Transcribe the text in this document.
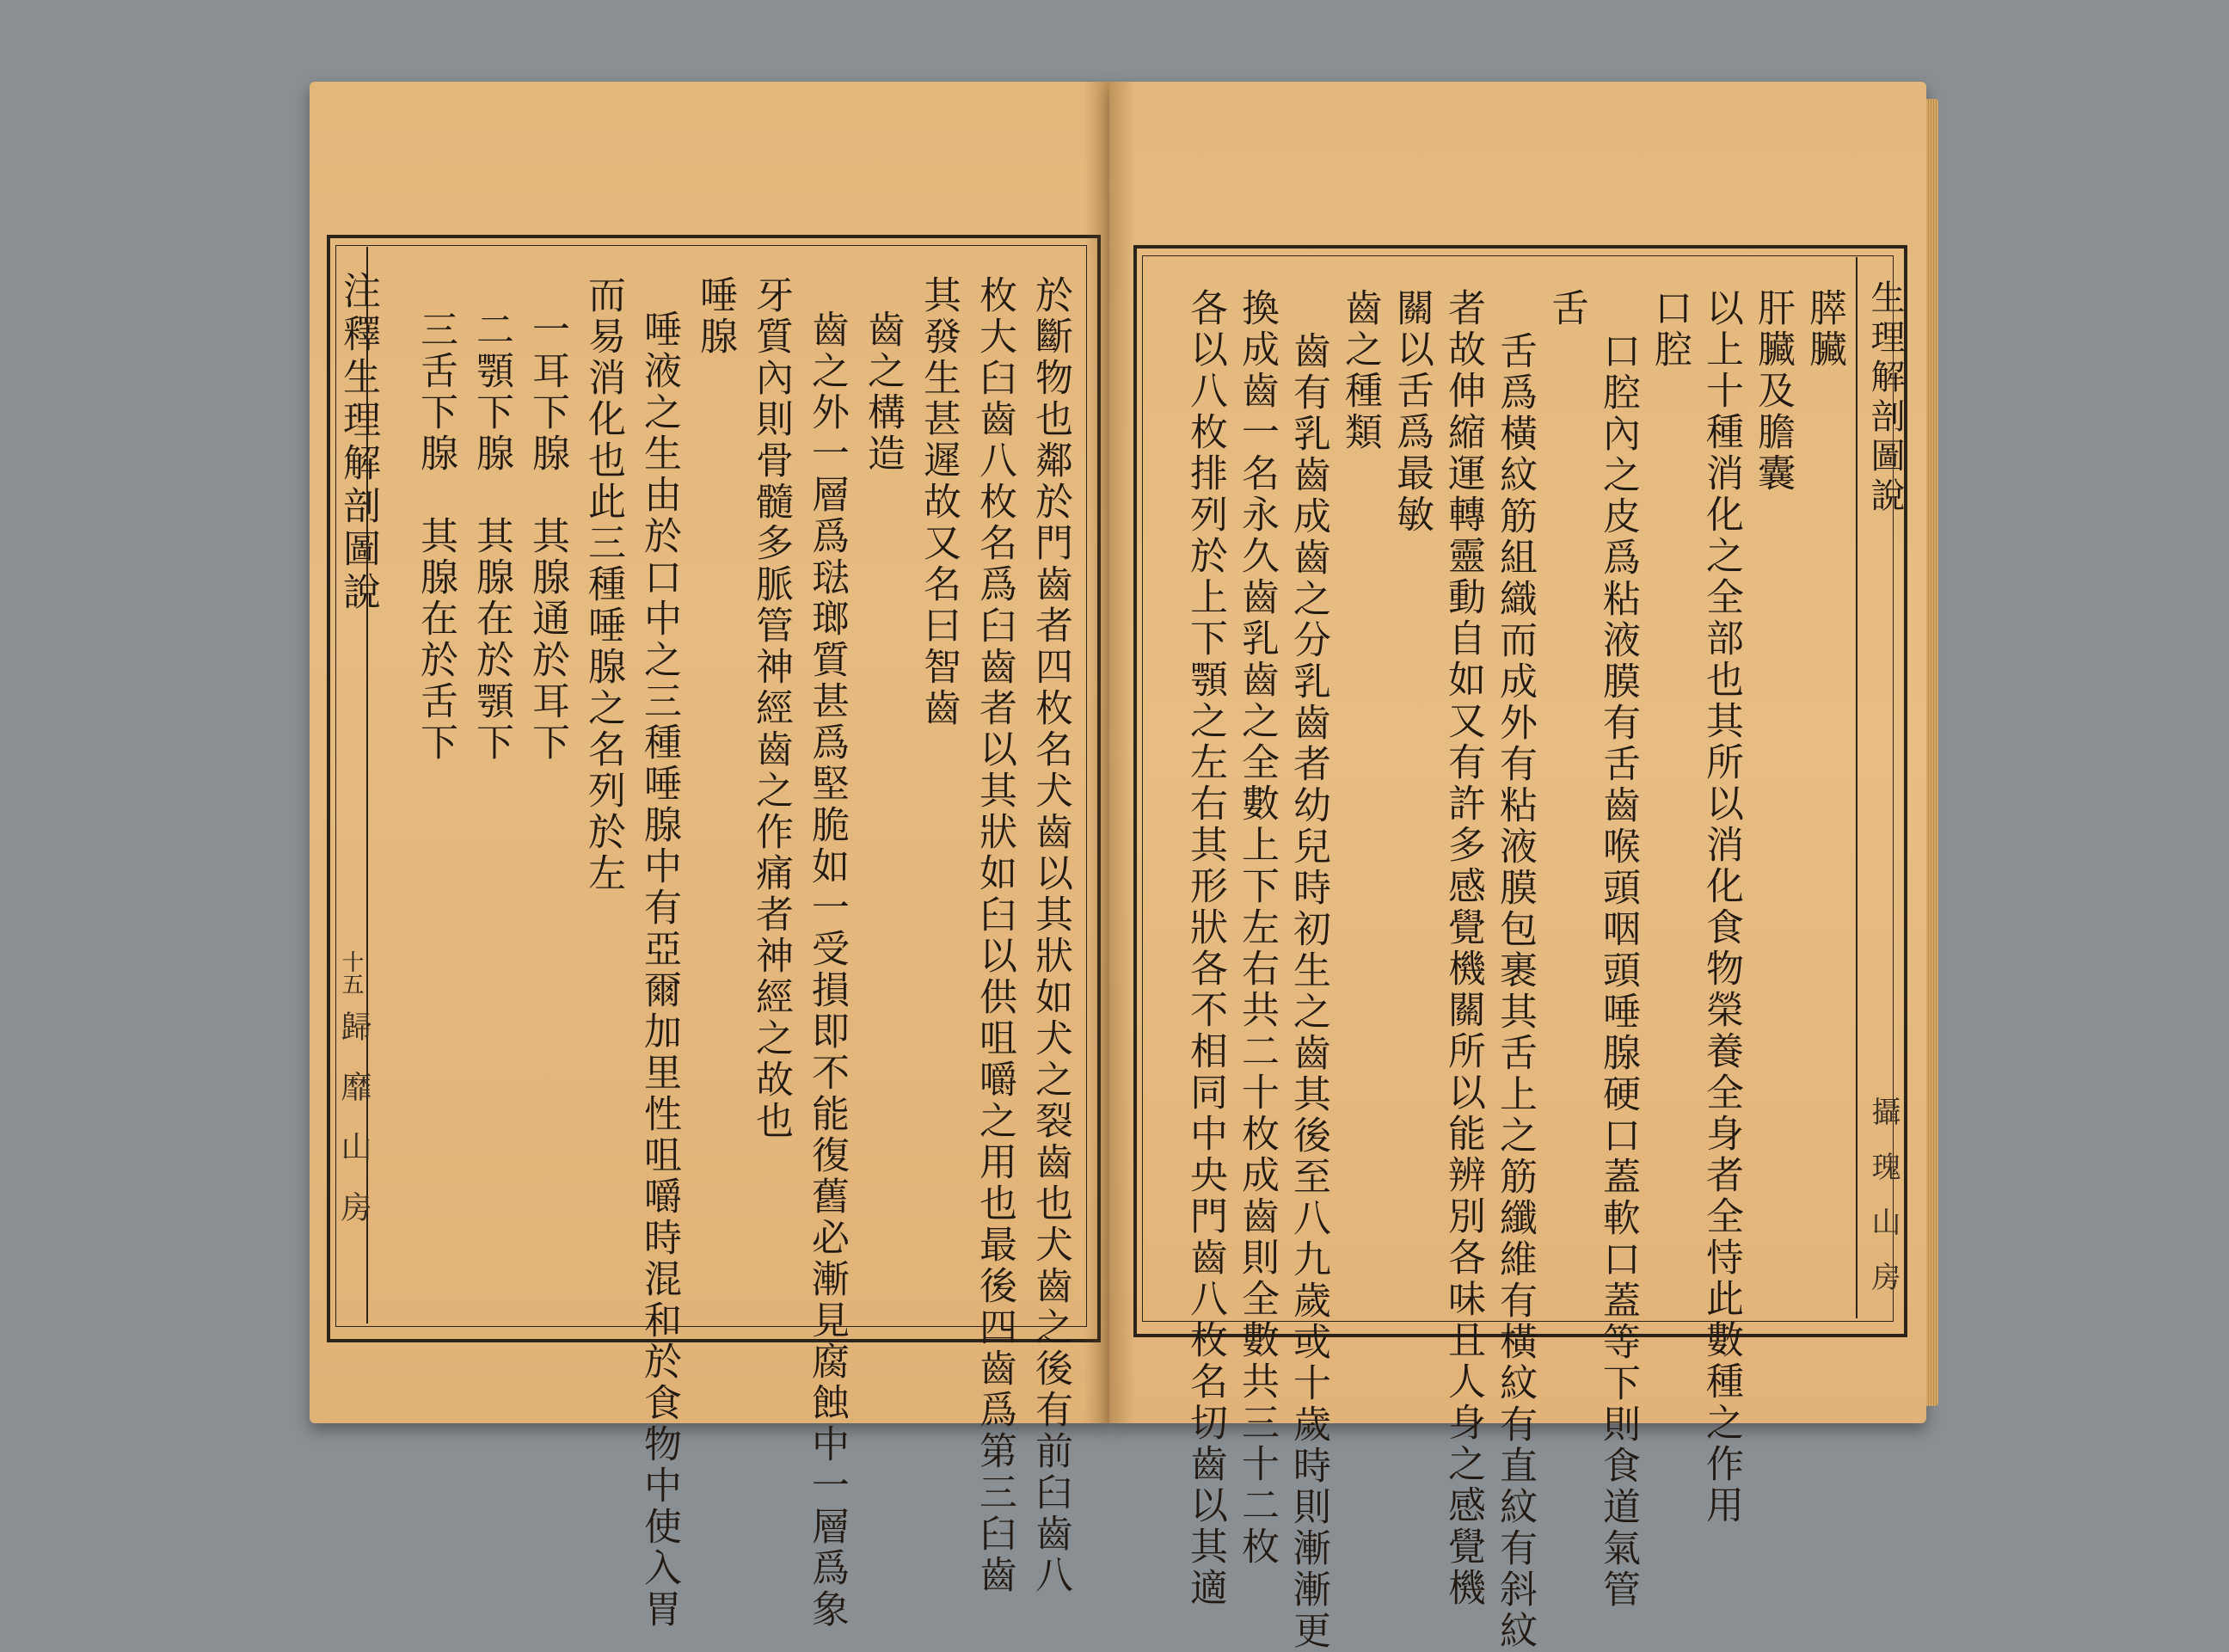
注釋生理解剖圖說
十五
歸靡山房	於斷物也鄰於門齒者四枚名犬齒以其狀如犬之裂齒也犬齒之後有前臼齒八
枚大臼齒八枚名爲臼齒者以其狀如臼以供咀嚼之用也最後四齒爲第三臼齒
其發生甚遲故又名曰智齒
齒之構造
齒之外一層爲琺瑯質甚爲堅脆如一受損即不能復舊必漸見腐蝕中一層爲象
牙質內則骨髓多脈管神經齒之作痛者神經之故也
唾腺
唾液之生由於口中之三種唾腺中有亞爾加里性咀嚼時混和於食物中使入胃
而易消化也此三種唾腺之名列於左
一耳下腺　其腺通於耳下
二顎下腺　其腺在於顎下
三舌下腺　其腺在於舌下	生理解剖圖說
攝瑰山房
膵臟
肝臟及膽囊
以上十種消化之全部也其所以消化食物榮養全身者全恃此數種之作用
口腔
口腔內之皮爲粘液膜有舌齒喉頭咽頭唾腺硬口蓋軟口蓋等下則食道氣管
舌
舌爲橫紋筋組織而成外有粘液膜包裹其舌上之筋纖維有橫紋有直紋有斜紋
者故伸縮運轉靈動自如又有許多感覺機關所以能辨別各味且人身之感覺機
關以舌爲最敏
齒之種類
齒有乳齒成齒之分乳齒者幼兒時初生之齒其後至八九歲或十歲時則漸漸更
換成齒一名永久齒乳齒之全數上下左右共二十枚成齒則全數共三十二枚
各以八枚排列於上下顎之左右其形狀各不相同中央門齒八枚名切齒以其適
